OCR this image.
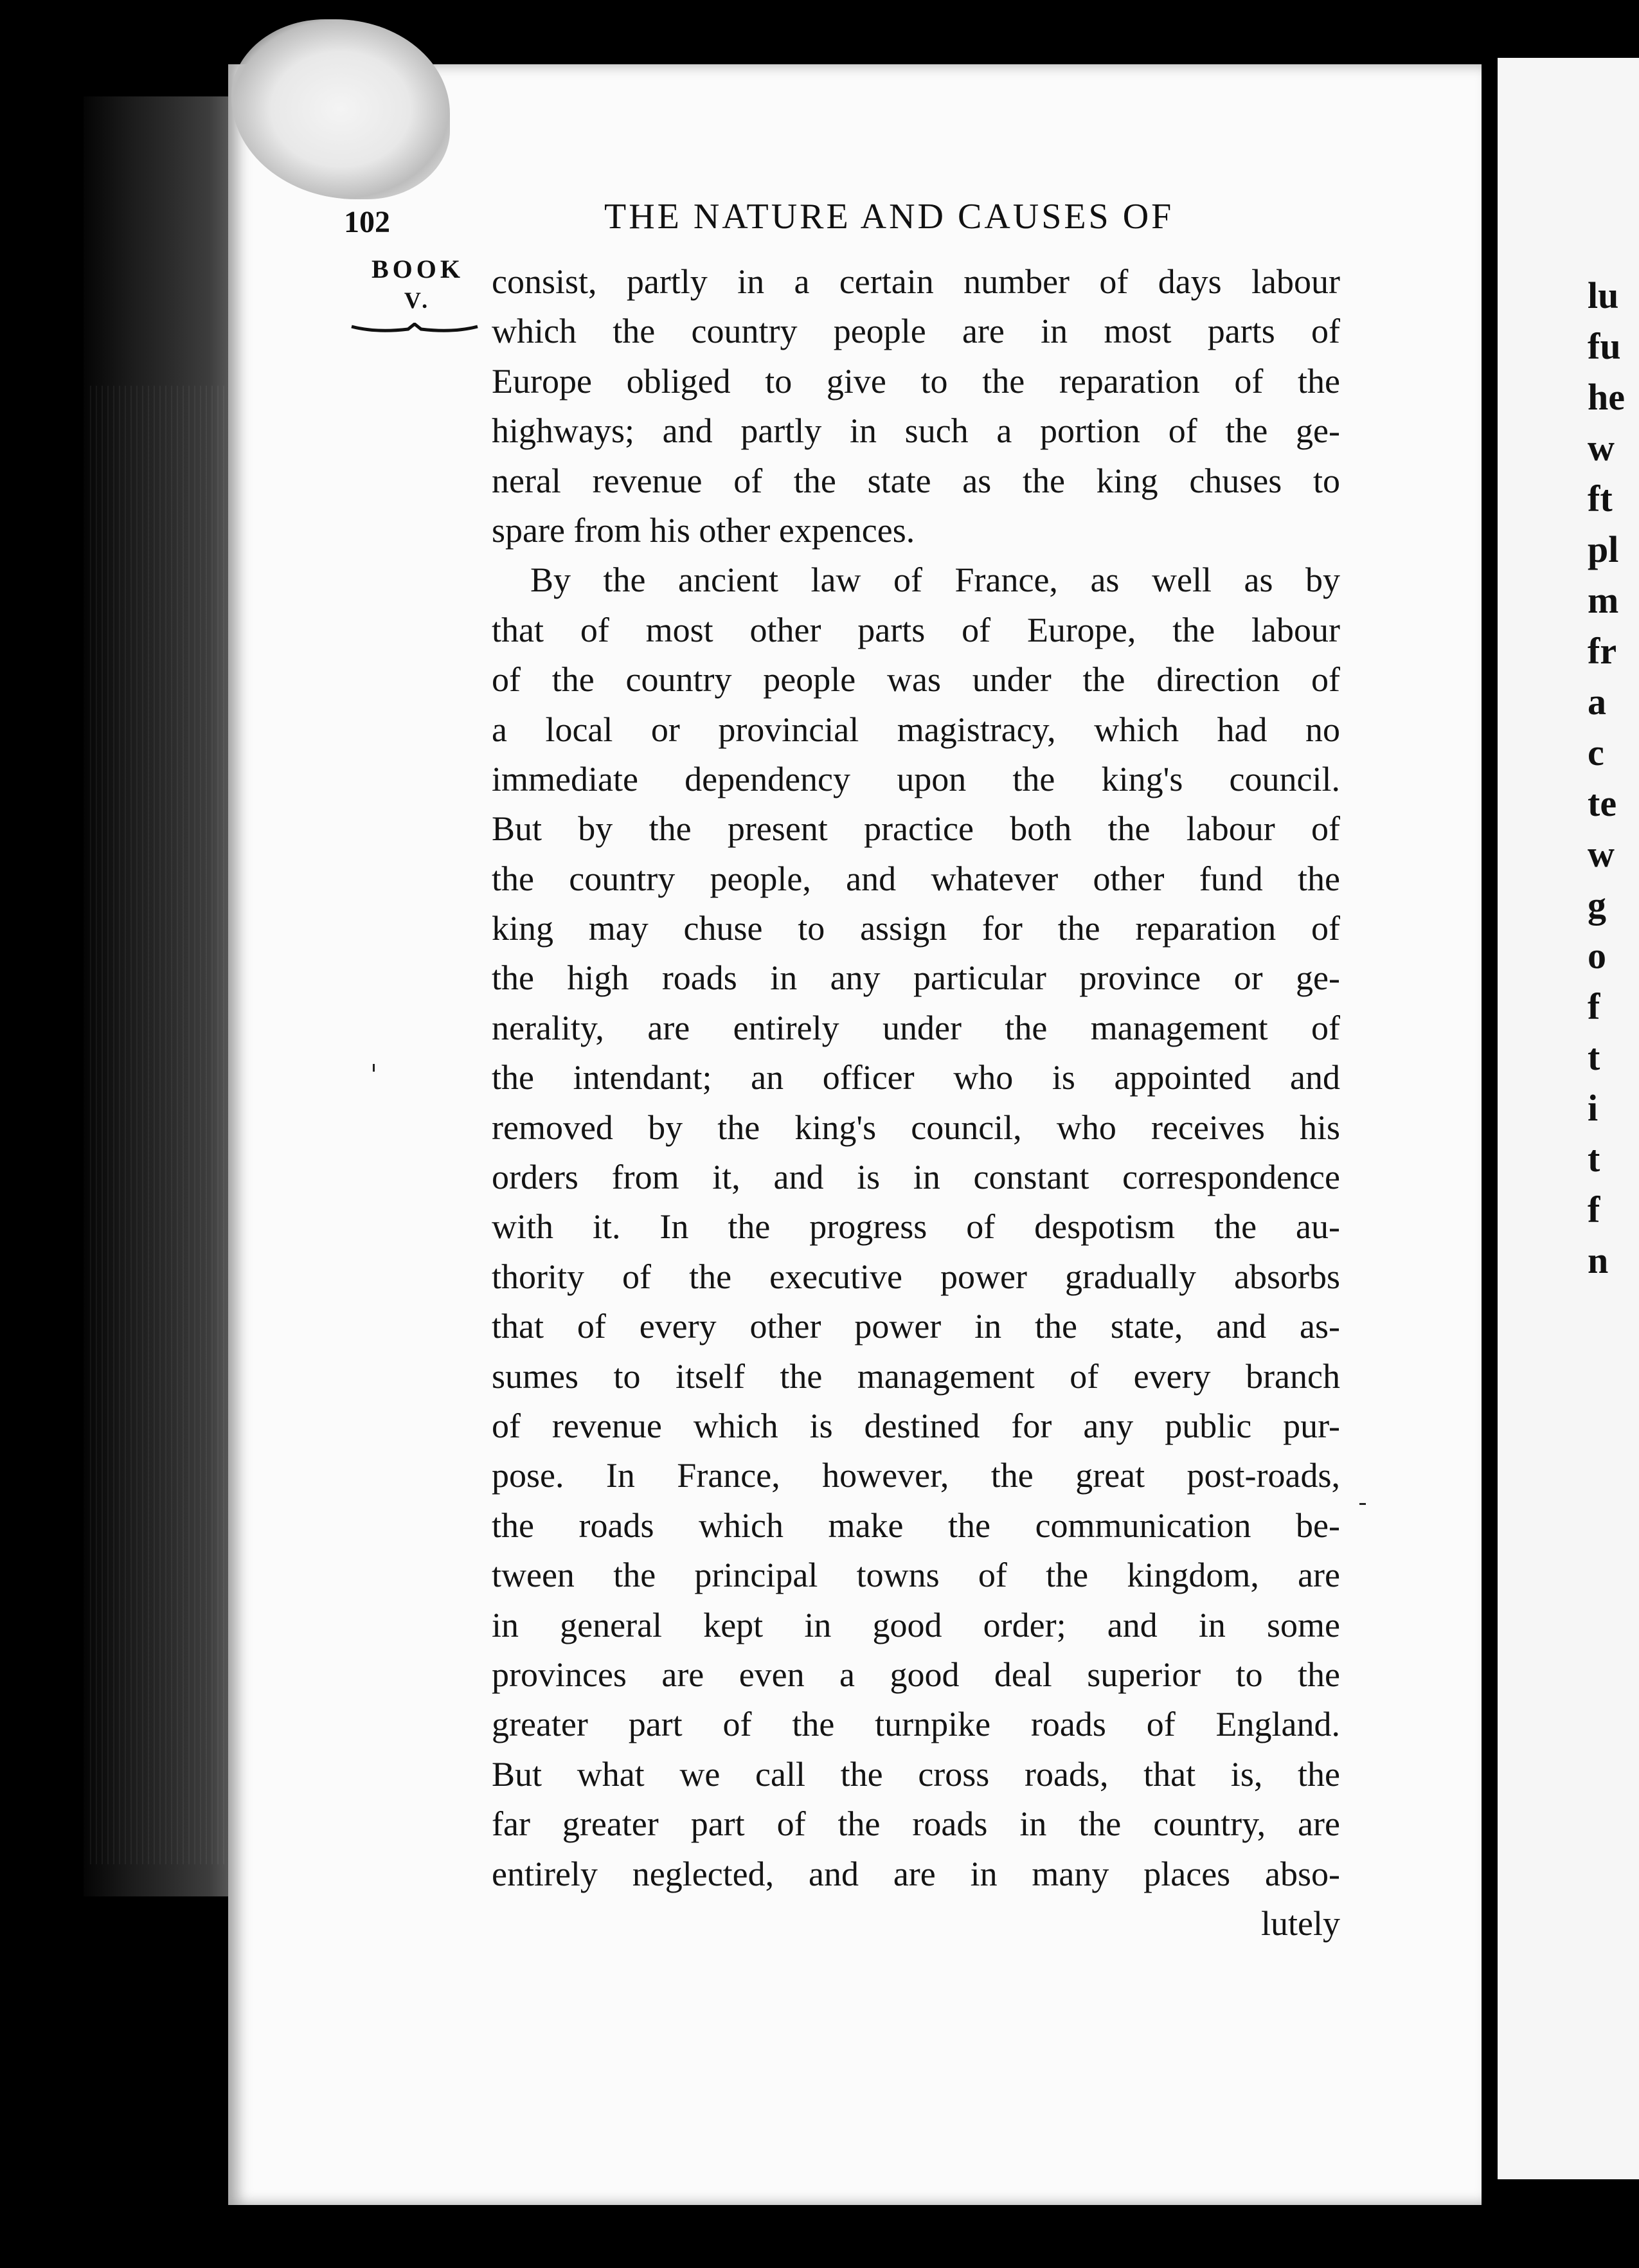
lu
fu
he
w
ft
pl
m
fr
a
c
te
w
g
o
f
t
i
t
f
n
102	THE NATURE AND CAUSES OF
BOOK
V.	consist, partly in a certain number of days labour
which the country people are in most parts of
Europe obliged to give to the reparation of the
highways; and partly in such a portion of the ge-
neral revenue of the state as the king chuses to
spare from his other expences.
By the ancient law of France, as well as by
that of most other parts of Europe, the labour
of the country people was under the direction of
a local or provincial magistracy, which had no
immediate dependency upon the king's council.
But by the present practice both the labour of
the country people, and whatever other fund the
king may chuse to assign for the reparation of
the high roads in any particular province or ge-
nerality, are entirely under the management of
the intendant; an officer who is appointed and
removed by the king's council, who receives his
orders from it, and is in constant correspondence
with it. In the progress of despotism the au-
thority of the executive power gradually absorbs
that of every other power in the state, and as-
sumes to itself the management of every branch
of revenue which is destined for any public pur-
pose. In France, however, the great post-roads,
the roads which make the communication be-
tween the principal towns of the kingdom, are
in general kept in good order; and in some
provinces are even a good deal superior to the
greater part of the turnpike roads of England.
But what we call the cross roads, that is, the
far greater part of the roads in the country, are
entirely neglected, and are in many places abso-
lutely
